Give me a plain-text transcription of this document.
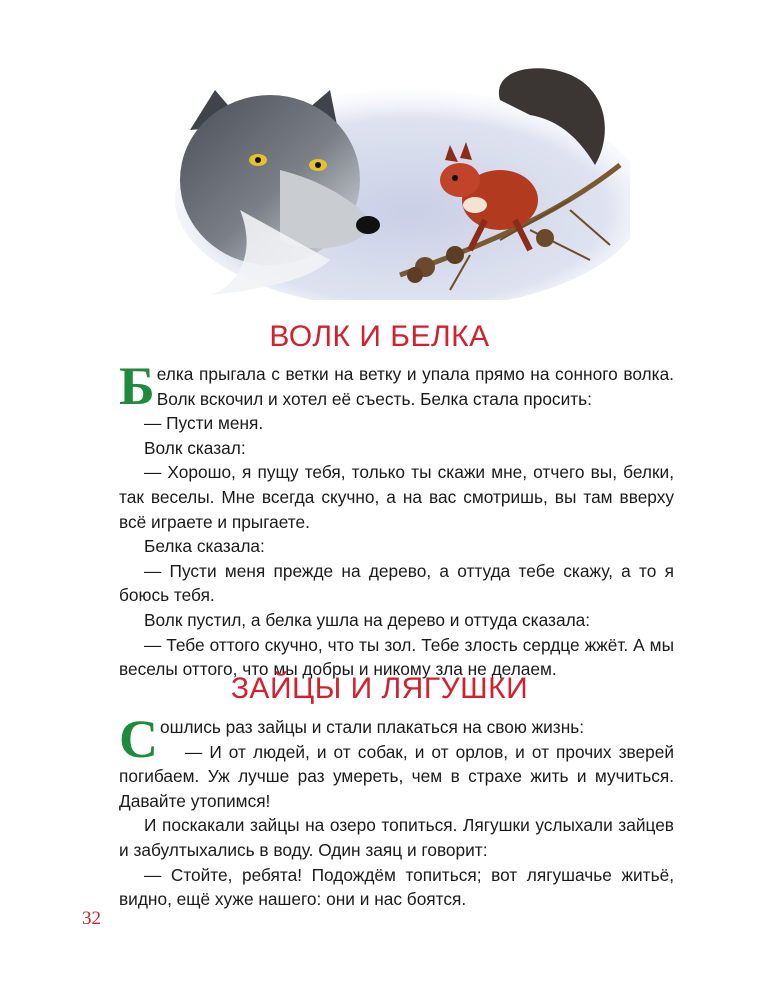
ВОЛК И БЕЛКА

Белка прыгала с ветки на ветку и упала прямо на сонного волка. Волк вскочил и хотел её съесть. Белка стала просить:

— Пусти меня.

Волк сказал:

— Хорошо, я пущу тебя, только ты скажи мне, отчего вы, белки, так веселы. Мне всегда скучно, а на вас смотришь, вы там вверху всё играете и прыгаете.

Белка сказала:

— Пусти меня прежде на дерево, а оттуда тебе скажу, а то я боюсь тебя.

Волк пустил, а белка ушла на дерево и оттуда сказала:

— Тебе оттого скучно, что ты зол. Тебе злость сердце жжёт. А мы веселы оттого, что мы добры и никому зла не делаем.

ЗАЙЦЫ И ЛЯГУШКИ

Сошлись раз зайцы и стали плакаться на свою жизнь:

— И от людей, и от собак, и от орлов, и от прочих зверей погибаем. Уж лучше раз умереть, чем в страхе жить и мучиться. Давайте утопимся!

И поскакали зайцы на озеро топиться. Лягушки услыхали зайцев и забултыхались в воду. Один заяц и говорит:

— Стойте, ребята! Подождём топиться; вот лягушачье житьё, видно, ещё хуже нашего: они и нас боятся.

32
